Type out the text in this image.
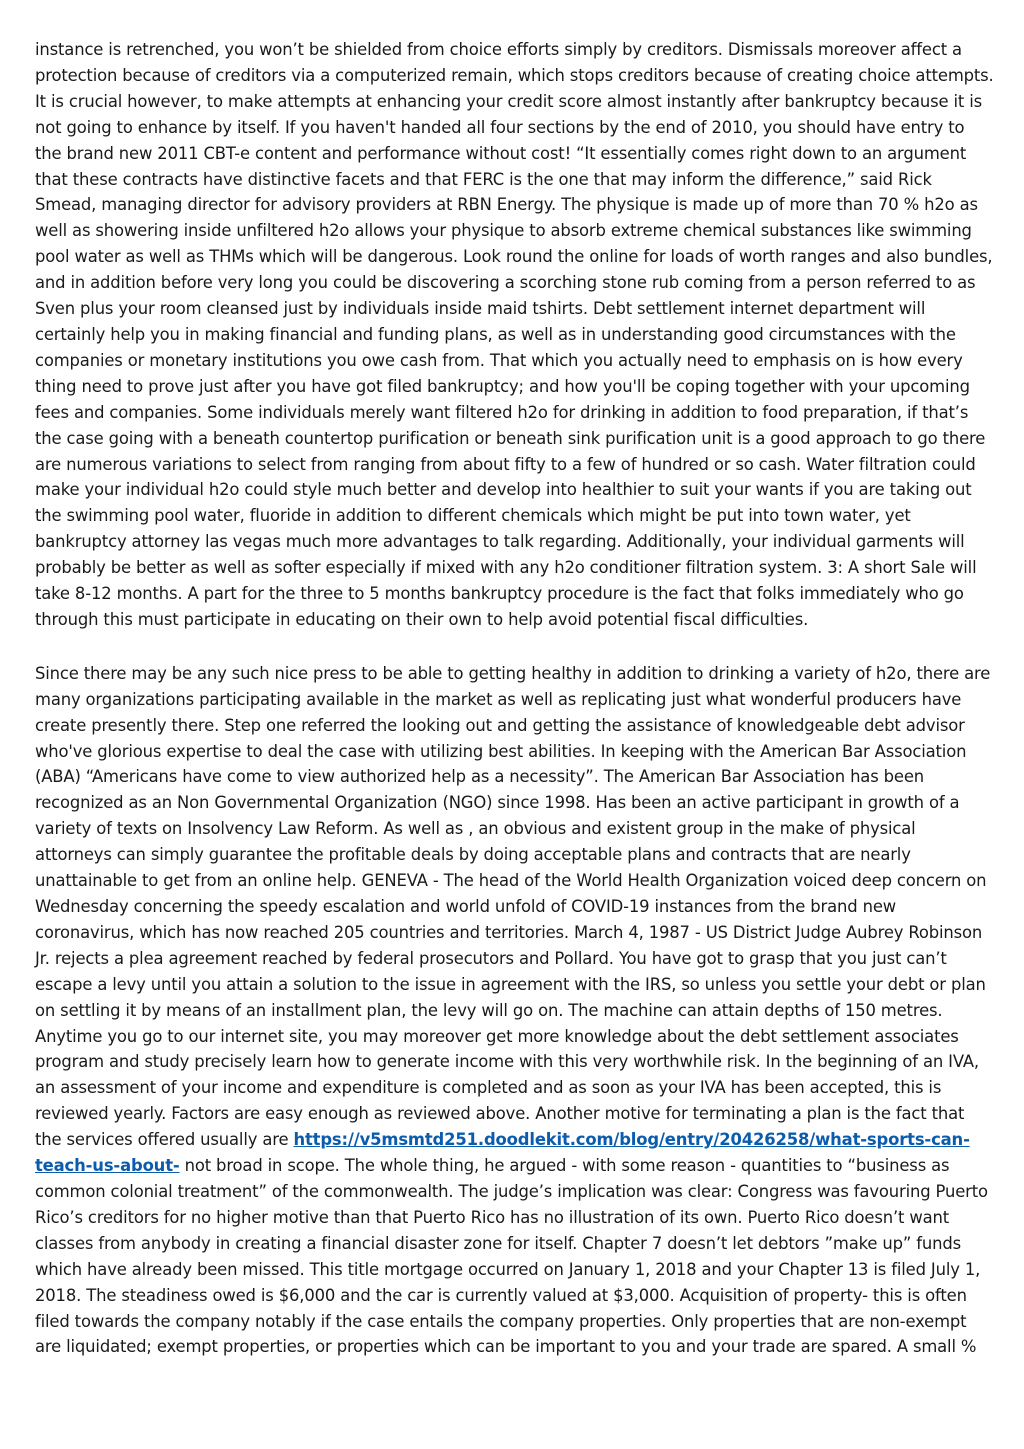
instance is retrenched, you won’t be shielded from choice efforts simply by creditors. Dismissals moreover affect a protection because of creditors via a computerized remain, which stops creditors because of creating choice attempts. It is crucial however, to make attempts at enhancing your credit score almost instantly after bankruptcy because it is not going to enhance by itself. If you haven't handed all four sections by the end of 2010, you should have entry to the brand new 2011 CBT-e content and performance without cost! “It essentially comes right down to an argument that these contracts have distinctive facets and that FERC is the one that may inform the difference,” said Rick Smead, managing director for advisory providers at RBN Energy. The physique is made up of more than 70 % h2o as well as showering inside unfiltered h2o allows your physique to absorb extreme chemical substances like swimming pool water as well as THMs which will be dangerous. Look round the online for loads of worth ranges and also bundles, and in addition before very long you could be discovering a scorching stone rub coming from a person referred to as Sven plus your room cleansed just by individuals inside maid tshirts. Debt settlement internet department will certainly help you in making financial and funding plans, as well as in understanding good circumstances with the companies or monetary institutions you owe cash from. That which you actually need to emphasis on is how every thing need to prove just after you have got filed bankruptcy; and how you'll be coping together with your upcoming fees and companies. Some individuals merely want filtered h2o for drinking in addition to food preparation, if that’s the case going with a beneath countertop purification or beneath sink purification unit is a good approach to go there are numerous variations to select from ranging from about fifty to a few of hundred or so cash. Water filtration could make your individual h2o could style much better and develop into healthier to suit your wants if you are taking out the swimming pool water, fluoride in addition to different chemicals which might be put into town water, yet bankruptcy attorney las vegas much more advantages to talk regarding. Additionally, your individual garments will probably be better as well as softer especially if mixed with any h2o conditioner filtration system. 3: A short Sale will take 8-12 months. A part for the three to 5 months bankruptcy procedure is the fact that folks immediately who go through this must participate in educating on their own to help avoid potential fiscal difficulties.

Since there may be any such nice press to be able to getting healthy in addition to drinking a variety of h2o, there are many organizations participating available in the market as well as replicating just what wonderful producers have create presently there. Step one referred the looking out and getting the assistance of knowledgeable debt advisor who've glorious expertise to deal the case with utilizing best abilities. In keeping with the American Bar Association (ABA) “Americans have come to view authorized help as a necessity”. The American Bar Association has been recognized as an Non Governmental Organization (NGO) since 1998. Has been an active participant in growth of a variety of texts on Insolvency Law Reform. As well as , an obvious and existent group in the make of physical attorneys can simply guarantee the profitable deals by doing acceptable plans and contracts that are nearly unattainable to get from an online help. GENEVA - The head of the World Health Organization voiced deep concern on Wednesday concerning the speedy escalation and world unfold of COVID-19 instances from the brand new coronavirus, which has now reached 205 countries and territories. March 4, 1987 - US District Judge Aubrey Robinson Jr. rejects a plea agreement reached by federal prosecutors and Pollard. You have got to grasp that you just can’t escape a levy until you attain a solution to the issue in agreement with the IRS, so unless you settle your debt or plan on settling it by means of an installment plan, the levy will go on. The machine can attain depths of 150 metres. Anytime you go to our internet site, you may moreover get more knowledge about the debt settlement associates program and study precisely learn how to generate income with this very worthwhile risk. In the beginning of an IVA, an assessment of your income and expenditure is completed and as soon as your IVA has been accepted, this is reviewed yearly. Factors are easy enough as reviewed above. Another motive for terminating a plan is the fact that the services offered usually are https://v5msmtd251.doodlekit.com/blog/entry/20426258/what-sports-can-teach-us-about- not broad in scope. The whole thing, he argued - with some reason - quantities to “business as common colonial treatment” of the commonwealth. The judge’s implication was clear: Congress was favouring Puerto Rico’s creditors for no higher motive than that Puerto Rico has no illustration of its own. Puerto Rico doesn’t want classes from anybody in creating a financial disaster zone for itself. Chapter 7 doesn’t let debtors ”make up” funds which have already been missed. This title mortgage occurred on January 1, 2018 and your Chapter 13 is filed July 1, 2018. The steadiness owed is $6,000 and the car is currently valued at $3,000. Acquisition of property- this is often filed towards the company notably if the case entails the company properties. Only properties that are non-exempt are liquidated; exempt properties, or properties which can be important to you and your trade are spared. A small %
